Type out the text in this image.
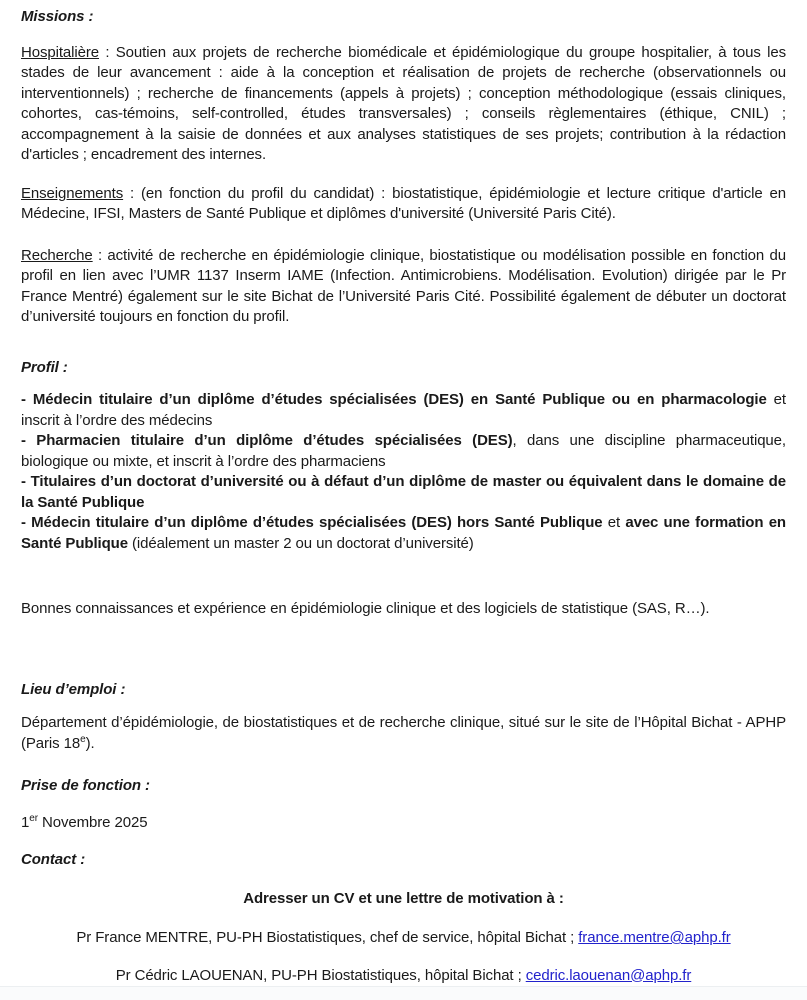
Missions :

Hospitalière : Soutien aux projets de recherche biomédicale et épidémiologique du groupe hospitalier, à tous les stades de leur avancement : aide à la conception et réalisation de projets de recherche (observationnels ou interventionnels) ; recherche de financements (appels à projets) ; conception méthodologique (essais cliniques, cohortes, cas-témoins, self-controlled, études transversales) ; conseils règlementaires (éthique, CNIL) ; accompagnement à la saisie de données et aux analyses statistiques de ses projets; contribution à la rédaction d'articles ; encadrement des internes.

Enseignements : (en fonction du profil du candidat) : biostatistique, épidémiologie et lecture critique d'article en Médecine, IFSI, Masters de Santé Publique et diplômes d'université (Université Paris Cité).

Recherche : activité de recherche en épidémiologie clinique, biostatistique ou modélisation possible en fonction du profil en lien avec l’UMR 1137 Inserm IAME (Infection. Antimicrobiens. Modélisation. Evolution) dirigée par le Pr France Mentré) également sur le site Bichat de l’Université Paris Cité. Possibilité également de débuter un doctorat d’université toujours en fonction du profil.

Profil :

- Médecin titulaire d’un diplôme d’études spécialisées (DES) en Santé Publique ou en pharmacologie et inscrit à l’ordre des médecins

- Pharmacien titulaire d’un diplôme d’études spécialisées (DES), dans une discipline pharmaceutique, biologique ou mixte, et inscrit à l’ordre des pharmaciens

- Titulaires d’un doctorat d’université ou à défaut d’un diplôme de master ou équivalent dans le domaine de la Santé Publique

- Médecin titulaire d’un diplôme d’études spécialisées (DES) hors Santé Publique et avec une formation en Santé Publique (idéalement un master 2 ou un doctorat d’université)

Bonnes connaissances et expérience en épidémiologie clinique et des logiciels de statistique (SAS, R…).

Lieu d’emploi :

Département d’épidémiologie, de biostatistiques et de recherche clinique, situé sur le site de l’Hôpital Bichat - APHP (Paris 18e).

Prise de fonction :

1er Novembre 2025

Contact :

Adresser un CV et une lettre de motivation à :

Pr France MENTRE, PU-PH Biostatistiques, chef de service, hôpital Bichat ; france.mentre@aphp.fr

Pr Cédric LAOUENAN, PU-PH Biostatistiques, hôpital Bichat ; cedric.laouenan@aphp.fr
